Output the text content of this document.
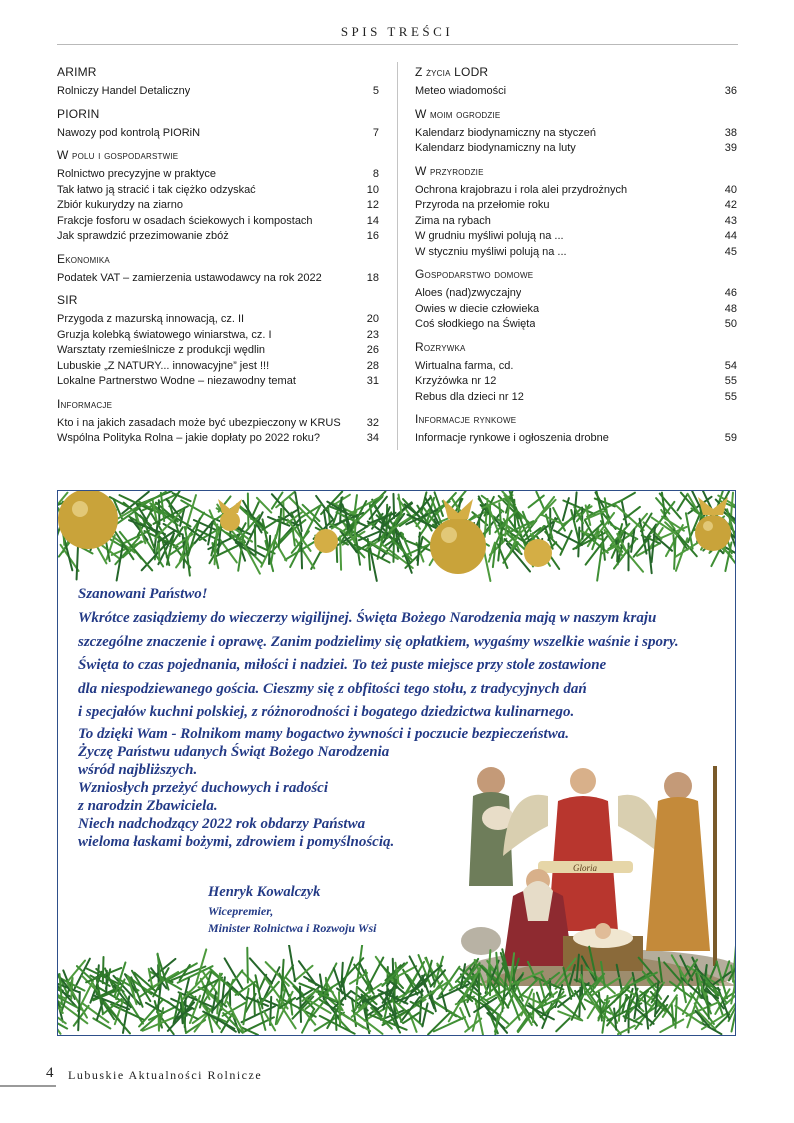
SPIS TREŚCI
ARIMR
Rolniczy Handel Detaliczny	5
PIORIN
Nawozy pod kontrolą PIORiN	7
W polu i gospodarstwie
Rolnictwo precyzyjne w praktyce	8
Tak łatwo ją stracić i tak ciężko odzyskać	10
Zbiór kukurydzy na ziarno	12
Frakcje fosforu w osadach ściekowych i kompostach	14
Jak sprawdzić przezimowanie zbóż	16
Ekonomika
Podatek VAT – zamierzenia ustawodawcy na rok 2022	18
SIR
Przygoda z mazurską innowacją, cz. II	20
Gruzja kolebką światowego winiarstwa, cz. I	23
Warsztaty rzemieślnicze z produkcji wędlin	26
Lubuskie „Z NATURY... innowacyjne” jest !!!	28
Lokalne Partnerstwo Wodne – niezawodny temat	31
Informacje
Kto i na jakich zasadach może być ubezpieczony w KRUS	32
Wspólna Polityka Rolna – jakie dopłaty po 2022 roku?	34
Z życia LODR
Meteo wiadomości	36
W moim ogrodzie
Kalendarz biodynamiczny na styczeń	38
Kalendarz biodynamiczny na luty	39
W przyrodzie
Ochrona krajobrazu i rola alei przydrożnych	40
Przyroda na przełomie roku	42
Zima na rybach	43
W grudniu myśliwi polują na ...	44
W styczniu myśliwi polują na ...	45
Gospodarstwo domowe
Aloes (nad)zwyczajny	46
Owies w diecie człowieka	48
Coś słodkiego na Święta	50
Rozrywka
Wirtualna farma, cd.	54
Krzyżówka nr 12	55
Rebus dla dzieci nr 12	55
Informacje rynkowe
Informacje rynkowe i ogłoszenia drobne	59
Szanowani Państwo!
Wkrótce zasiądziemy do wieczerzy wigilijnej. Święta Bożego Narodzenia mają w naszym kraju
szczególne znaczenie i oprawę. Zanim podzielimy się opłatkiem, wygaśmy wszelkie waśnie i spory.
Święta to czas pojednania, miłości i nadziei. To też puste miejsce przy stole zostawione
dla niespodziewanego gościa. Cieszmy się z obfitości tego stołu, z tradycyjnych dań
i specjałów kuchni polskiej, z różnorodności i bogatego dziedzictwa kulinarnego.
To dzięki Wam - Rolnikom mamy bogactwo żywności i poczucie bezpieczeństwa.
Życzę Państwu udanych Świąt Bożego Narodzenia
wśród najbliższych.
Wzniosłych przeżyć duchowych i radości
z narodzin Zbawiciela.
Niech nadchodzący 2022 rok obdarzy Państwa
wieloma łaskami bożymi, zdrowiem i pomyślnością.
Henryk Kowalczyk
Wicepremier,
Minister Rolnictwa i Rozwoju Wsi
Gloria
4 Lubuskie Aktualności Rolnicze
